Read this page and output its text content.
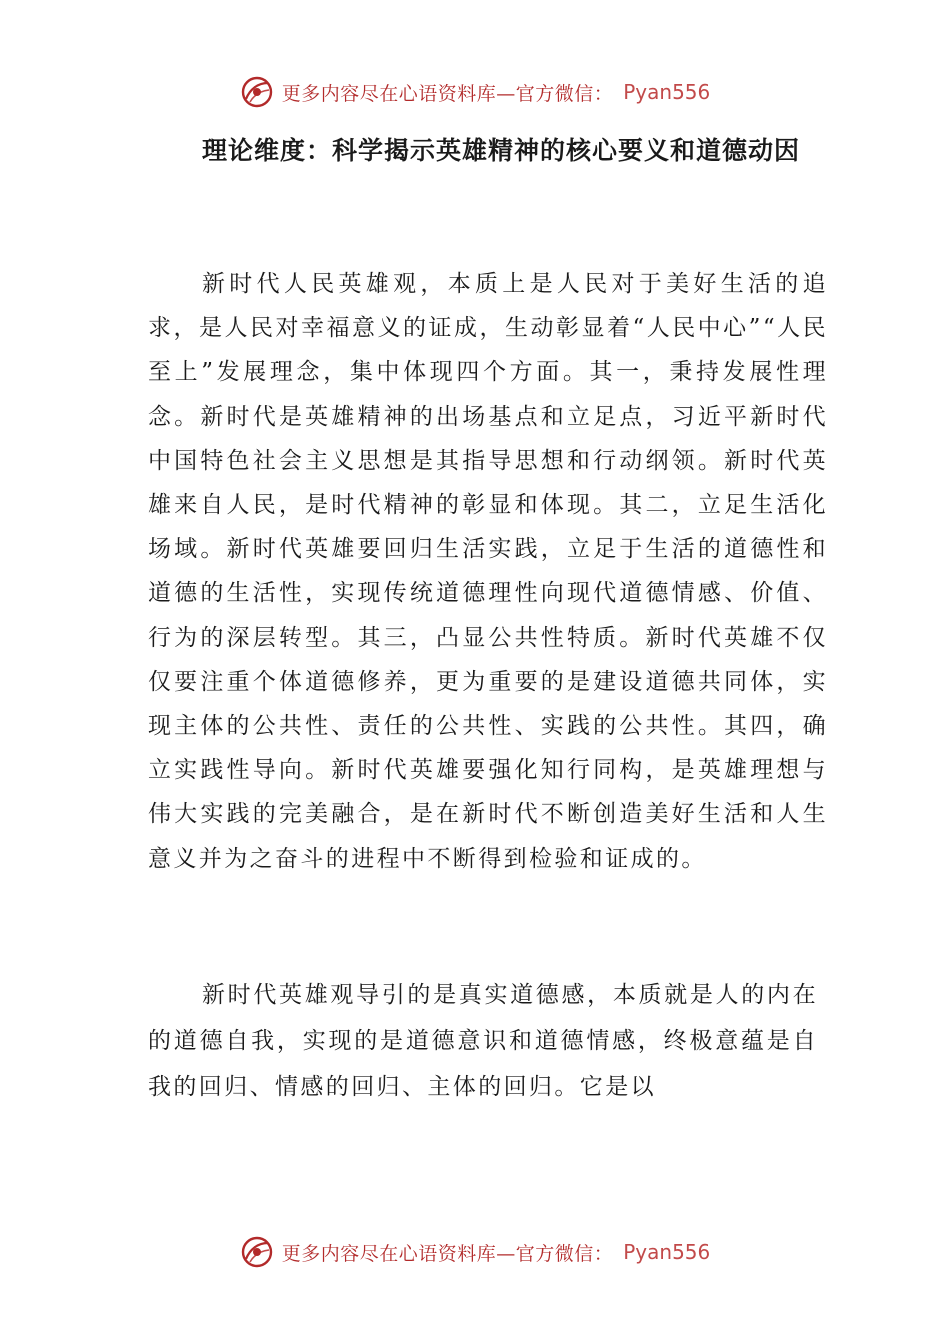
更多内容尽在心语资料库—官方微信： Pyan556
理论维度：科学揭示英雄精神的核心要义和道德动因

新时代人民英雄观，本质上是人民对于美好生活的追求，是人民对幸福意义的证成，生动彰显着“人民中心”“人民至上”发展理念，集中体现四个方面。其一，秉持发展性理念。新时代是英雄精神的出场基点和立足点，习近平新时代中国特色社会主义思想是其指导思想和行动纲领。新时代英雄来自人民，是时代精神的彰显和体现。其二，立足生活化场域。新时代英雄要回归生活实践，立足于生活的道德性和道德的生活性，实现传统道德理性向现代道德情感、价值、行为的深层转型。其三，凸显公共性特质。新时代英雄不仅仅要注重个体道德修养，更为重要的是建设道德共同体，实现主体的公共性、责任的公共性、实践的公共性。其四，确立实践性导向。新时代英雄要强化知行同构，是英雄理想与伟大实践的完美融合，是在新时代不断创造美好生活和人生意义并为之奋斗的进程中不断得到检验和证成的。

新时代英雄观导引的是真实道德感，本质就是人的内在的道德自我，实现的是道德意识和道德情感，终极意蕴是自我的回归、情感的回归、主体的回归。它是以

更多内容尽在心语资料库—官方微信： Pyan556
